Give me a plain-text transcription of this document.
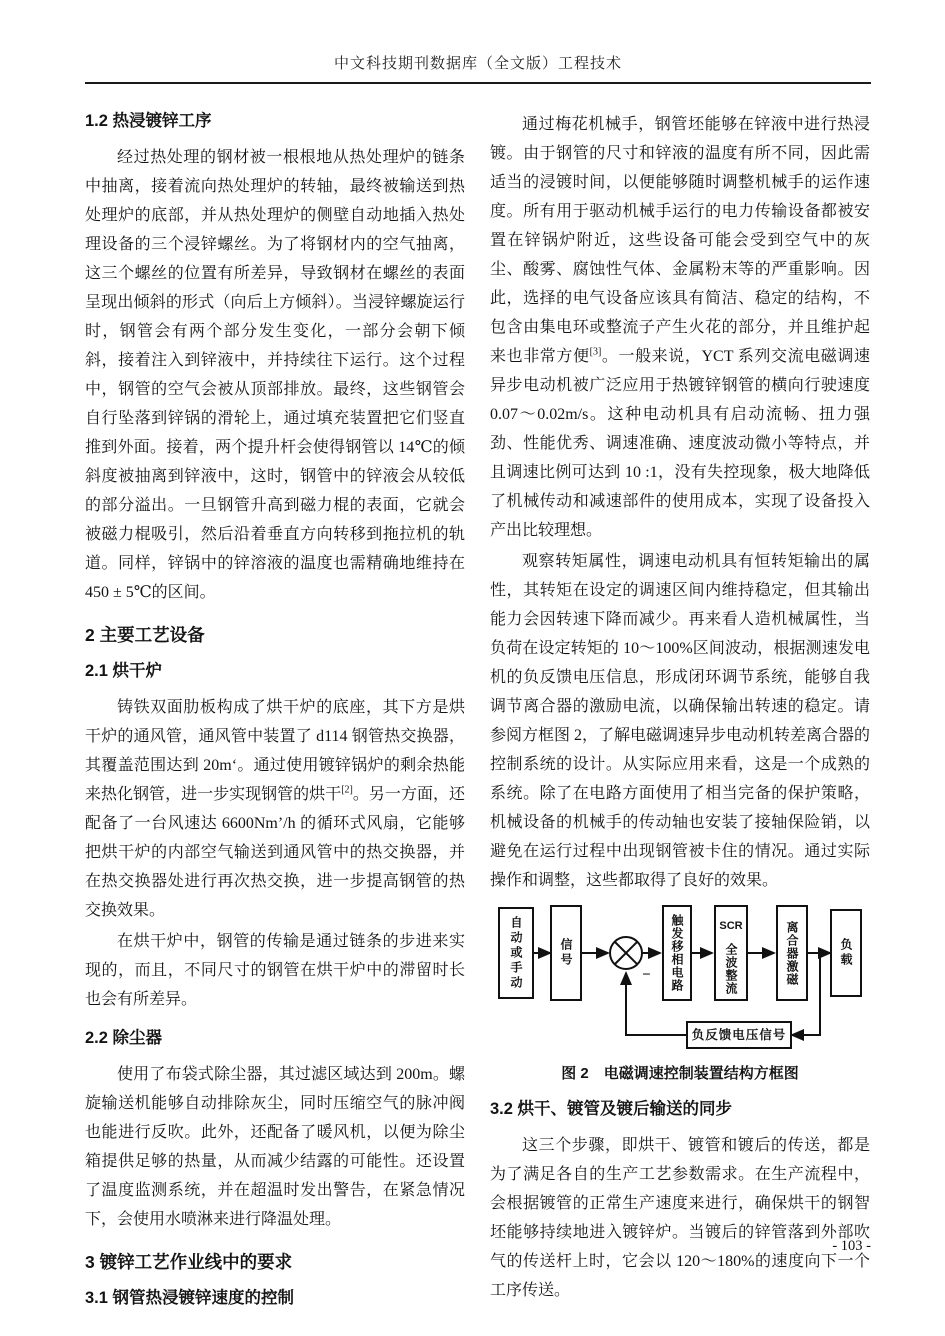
中文科技期刊数据库（全文版）工程技术
1.2 热浸镀锌工序

经过热处理的钢材被一根根地从热处理炉的链条中抽离，接着流向热处理炉的转轴，最终被输送到热处理炉的底部，并从热处理炉的侧壁自动地插入热处理设备的三个浸锌螺丝。为了将钢材内的空气抽离，这三个螺丝的位置有所差异，导致钢材在螺丝的表面呈现出倾斜的形式（向后上方倾斜）。当浸锌螺旋运行时，钢管会有两个部分发生变化，一部分会朝下倾斜，接着注入到锌液中，并持续往下运行。这个过程中，钢管的空气会被从顶部排放。最终，这些钢管会自行坠落到锌锅的滑轮上，通过填充装置把它们竖直推到外面。接着，两个提升杆会使得钢管以 14℃的倾斜度被抽离到锌液中，这时，钢管中的锌液会从较低的部分溢出。一旦钢管升高到磁力棍的表面，它就会被磁力棍吸引，然后沿着垂直方向转移到拖拉机的轨道。同样，锌锅中的锌溶液的温度也需精确地维持在 450 ± 5℃的区间。

2 主要工艺设备
2.1 烘干炉

铸铁双面肋板构成了烘干炉的底座，其下方是烘干炉的通风管，通风管中装置了 d114 钢管热交换器，其覆盖范围达到 20m‘。通过使用镀锌锅炉的剩余热能来热化钢管，进一步实现钢管的烘干[2]。另一方面，还配备了一台风速达 6600Nm’/h 的循环式风扇，它能够把烘干炉的内部空气输送到通风管中的热交换器，并在热交换器处进行再次热交换，进一步提高钢管的热交换效果。

在烘干炉中，钢管的传输是通过链条的步进来实现的，而且，不同尺寸的钢管在烘干炉中的滞留时长也会有所差异。

2.2 除尘器

使用了布袋式除尘器，其过滤区域达到 200m。螺旋输送机能够自动排除灰尘，同时压缩空气的脉冲阀也能进行反吹。此外，还配备了暖风机，以便为除尘箱提供足够的热量，从而减少结露的可能性。还设置了温度监测系统，并在超温时发出警告，在紧急情况下，会使用水喷淋来进行降温处理。

3 镀锌工艺作业线中的要求
3.1 钢管热浸镀锌速度的控制

通过梅花机械手，钢管坯能够在锌液中进行热浸镀。由于钢管的尺寸和锌液的温度有所不同，因此需适当的浸镀时间，以便能够随时调整机械手的运作速度。所有用于驱动机械手运行的电力传输设备都被安置在锌锅炉附近，这些设备可能会受到空气中的灰尘、酸雾、腐蚀性气体、金属粉末等的严重影响。因此，选择的电气设备应该具有简洁、稳定的结构，不包含由集电环或整流子产生火花的部分，并且维护起来也非常方便[3]。一般来说，YCT 系列交流电磁调速异步电动机被广泛应用于热镀锌钢管的横向行驶速度 0.07～0.02m/s。这种电动机具有启动流畅、扭力强劲、性能优秀、调速准确、速度波动微小等特点，并且调速比例可达到 10 :1，没有失控现象，极大地降低了机械传动和减速部件的使用成本，实现了设备投入产出比较理想。

观察转矩属性，调速电动机具有恒转矩输出的属性，其转矩在设定的调速区间内维持稳定，但其输出能力会因转速下降而减少。再来看人造机械属性，当负荷在设定转矩的 10～100%区间波动，根据测速发电机的负反馈电压信息，形成闭环调节系统，能够自我调节离合器的激励电流，以确保输出转速的稳定。请参阅方框图 2，了解电磁调速异步电动机转差离合器的控制系统的设计。从实际应用来看，这是一个成熟的系统。除了在电路方面使用了相当完备的保护策略，机械设备的机械手的传动轴也安装了接轴保险销，以避免在运行过程中出现钢管被卡住的情况。通过实际操作和调整，这些都取得了良好的效果。

自动或手动	信号	触发移相电路	SCR
全波整流	离合器激磁	负载
负反馈电压信号
−
图 2　电磁调速控制装置结构方框图
3.2 烘干、镀管及镀后输送的同步

这三个步骤，即烘干、镀管和镀后的传送，都是为了满足各自的生产工艺参数需求。在生产流程中，会根据镀管的正常生产速度来进行，确保烘干的钢智坯能够持续地进入镀锌炉。当镀后的锌管落到外部吹气的传送杆上时，它会以 120～180%的速度向下一个工序传送。

- 103 -
